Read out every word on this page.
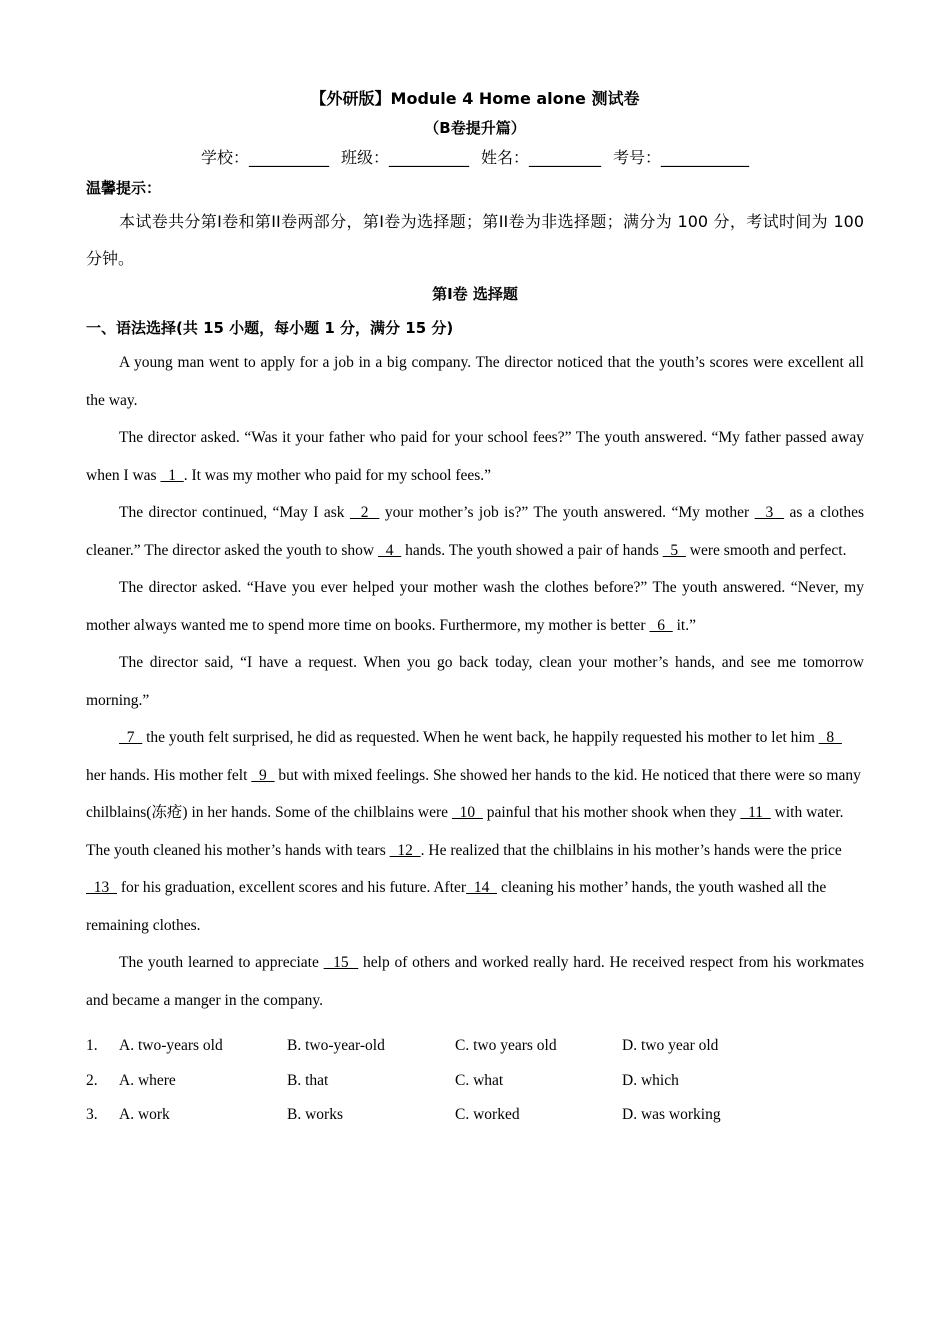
【外研版】Module 4 Home alone 测试卷
（B卷提升篇）
学校：__________ 班级：__________ 姓名：_________ 考号：___________
温馨提示：
本试卷共分第I卷和第II卷两部分，第I卷为选择题；第II卷为非选择题；满分为 100 分，考试时间为 100 分钟。
第I卷 选择题
一、语法选择(共 15 小题，每小题 1 分，满分 15 分)

A young man went to apply for a job in a big company. The director noticed that the youth’s scores were excellent all the way.

The director asked. “Was it your father who paid for your school fees?” The youth answered. “My father passed away when I was   1  . It was my mother who paid for my school fees.”

The director continued, “May I ask   2   your mother’s job is?” The youth answered. “My mother   3   as a clothes cleaner.” The director asked the youth to show   4   hands. The youth showed a pair of hands   5   were smooth and perfect.

The director asked. “Have you ever helped your mother wash the clothes before?” The youth answered. “Never, my mother always wanted me to spend more time on books. Furthermore, my mother is better   6   it.”

The director said, “I have a request. When you go back today, clean your mother’s hands, and see me tomorrow morning.”

7   the youth felt surprised, he did as requested. When he went back, he happily requested his mother to let him   8   her hands. His mother felt   9   but with mixed feelings. She showed her hands to the kid. He noticed that there were so many chilblains(冻疮) in her hands. Some of the chilblains were   10   painful that his mother shook when they   11   with water. The youth cleaned his mother’s hands with tears   12  . He realized that the chilblains in his mother’s hands were the price   13   for his graduation, excellent scores and his future. After  14   cleaning his mother’ hands, the youth washed all the remaining clothes.

The youth learned to appreciate   15   help of others and worked really hard. He received respect from his workmates and became a manger in the company.

1. A. two-years old	B. two-year-old	C. two years old	D. two year old
2. A. where	B. that	C. what	D. which
3. A. work	B. works	C. worked	D. was working
